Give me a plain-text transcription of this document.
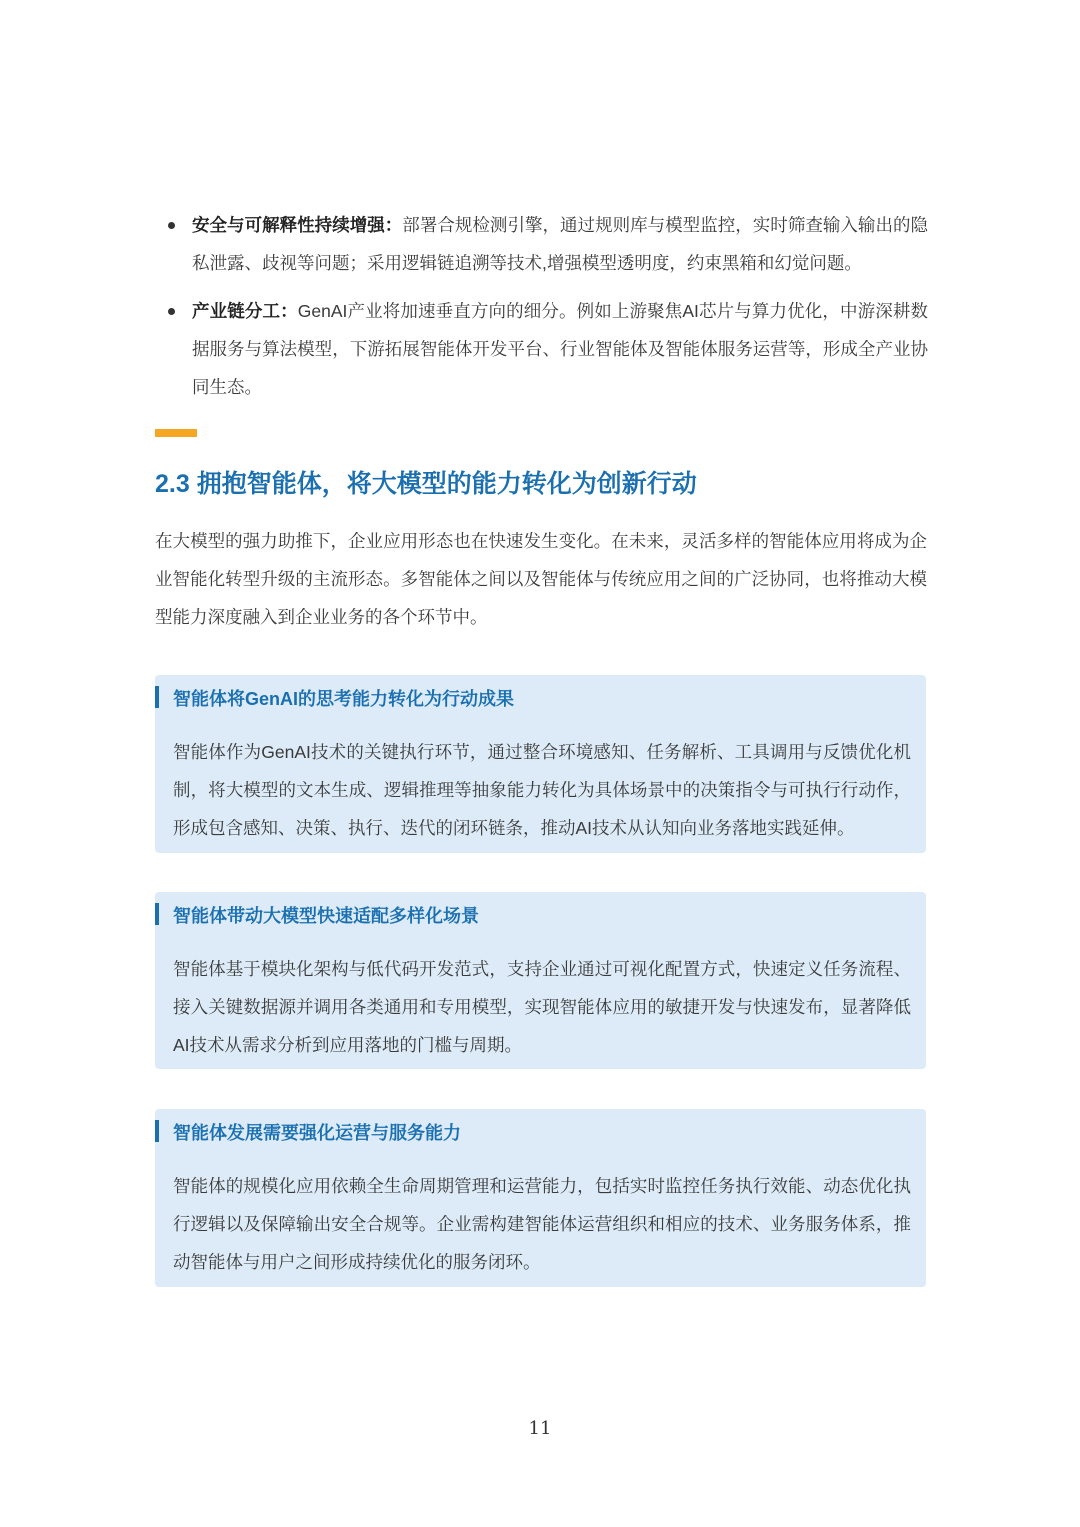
安全与可解释性持续增强：部署合规检测引擎，通过规则库与模型监控，实时筛查输入输出的隐私泄露、歧视等问题；采用逻辑链追溯等技术,增强模型透明度，约束黑箱和幻觉问题。
产业链分工：GenAI产业将加速垂直方向的细分。例如上游聚焦AI芯片与算力优化，中游深耕数据服务与算法模型，下游拓展智能体开发平台、行业智能体及智能体服务运营等，形成全产业协同生态。
2.3 拥抱智能体，将大模型的能力转化为创新行动
在大模型的强力助推下，企业应用形态也在快速发生变化。在未来，灵活多样的智能体应用将成为企业智能化转型升级的主流形态。多智能体之间以及智能体与传统应用之间的广泛协同，也将推动大模型能力深度融入到企业业务的各个环节中。
智能体将GenAI的思考能力转化为行动成果
智能体作为GenAI技术的关键执行环节，通过整合环境感知、任务解析、工具调用与反馈优化机制，将大模型的文本生成、逻辑推理等抽象能力转化为具体场景中的决策指令与可执行行动作，形成包含感知、决策、执行、迭代的闭环链条，推动AI技术从认知向业务落地实践延伸。
智能体带动大模型快速适配多样化场景
智能体基于模块化架构与低代码开发范式，支持企业通过可视化配置方式，快速定义任务流程、接入关键数据源并调用各类通用和专用模型，实现智能体应用的敏捷开发与快速发布，显著降低AI技术从需求分析到应用落地的门槛与周期。
智能体发展需要强化运营与服务能力
智能体的规模化应用依赖全生命周期管理和运营能力，包括实时监控任务执行效能、动态优化执行逻辑以及保障输出安全合规等。企业需构建智能体运营组织和相应的技术、业务服务体系，推动智能体与用户之间形成持续优化的服务闭环。
11
